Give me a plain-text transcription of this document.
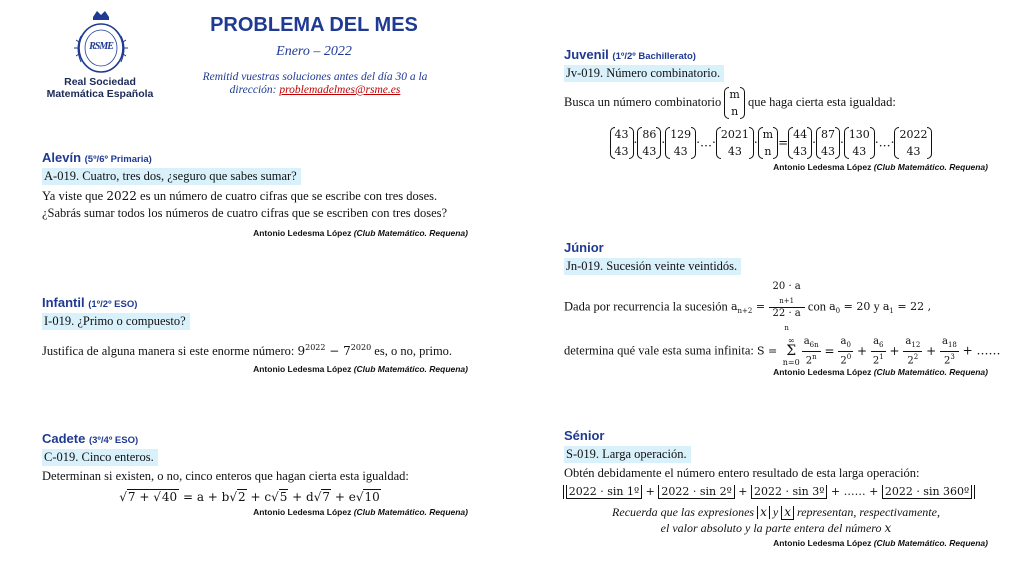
RSME
Real Sociedad
Matemática Española
PROBLEMA DEL MES
Enero – 2022
Remitid vuestras soluciones antes del día 30 a la
dirección: problemadelmes@rsme.es
Alevín (5º/6º Primaria)
A-019. Cuatro, tres dos, ¿seguro que sabes sumar?
Ya viste que 2022 es un número de cuatro cifras que se escribe con tres doses.
¿Sabrás sumar todos los números de cuatro cifras que se escriben con tres doses?
Antonio Ledesma López (Club Matemático. Requena)
Infantil (1º/2º ESO)
I-019. ¿Primo o compuesto?
Justifica de alguna manera si este enorme número: $9^{2022} - 7^{2020}$ es, o no, primo.
Antonio Ledesma López (Club Matemático. Requena)
Cadete (3º/4º ESO)
C-019. Cinco enteros.
Determinan si existen, o no, cinco enteros que hagan cierta esta igualdad:
√7 + √40 = a + b√2 + c√5 + d√7 + e√10
Antonio Ledesma López (Club Matemático. Requena)
Juvenil (1º/2º Bachillerato)
Jv-019. Número combinatorio.
Busca un número combinatorio
m
n
que haga cierta esta igualdad:
43
43
·
86
43
·
129
43
·…·
2021
43
·
m
n
=
44
43
·
87
43
·
130
43
·…·
2022
43
Antonio Ledesma López (Club Matemático. Requena)
Júnior
Jn-019. Sucesión veinte veintidós.
Dada por recurrencia la sucesión $a_{n+2} = 20 \cdot a$
$_{n+1}$
22 · a
$_n$ con $a_0 = 20$ y $a_1 = 22$ ,
determina qué vale esta suma infinita: S =
∞
Σ
$n=0 \frac{a_{6n}}{2^n} = \frac{a_0}{2^0} + \frac{a_6}{2^1} + \frac{a_{12}}{2^2} + \frac{a_{18}}{2^3}$ + ……
Antonio Ledesma López (Club Matemático. Requena)
Sénior
S-019. Larga operación.
Obtén debidamente el número entero resultado de esta larga operación:
2022 · sin 1º + 2022 · sin 2º + 2022 · sin 3º + …… + 2022 · sin 360º
Recuerda que las expresiones x y x representan, respectivamente,
el valor absoluto y la parte entera del número x
Antonio Ledesma López (Club Matemático. Requena)
